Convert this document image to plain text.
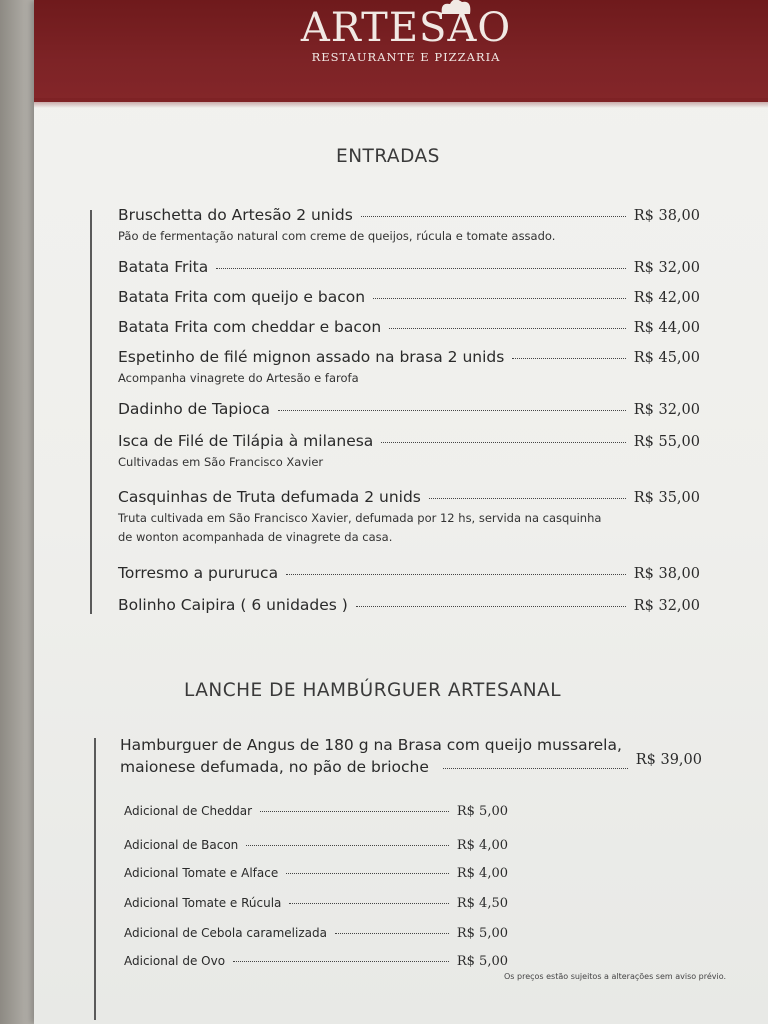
ARTESÃO
RESTAURANTE E PIZZARIA
ENTRADAS
Bruschetta do Artesão 2 unids	R$ 38,00
Pão de fermentação natural com creme de queijos, rúcula e tomate assado.
Batata Frita	R$ 32,00
Batata Frita com queijo e bacon	R$ 42,00
Batata Frita com cheddar e bacon	R$ 44,00
Espetinho de filé mignon assado na brasa 2 unids	R$ 45,00
Acompanha vinagrete do Artesão e farofa
Dadinho de Tapioca	R$ 32,00
Isca de Filé de Tilápia à milanesa	R$ 55,00
Cultivadas em São Francisco Xavier
Casquinhas de Truta defumada 2 unids	R$ 35,00
Truta cultivada em São Francisco Xavier, defumada por 12 hs, servida na casquinha
de wonton acompanhada de vinagrete da casa.
Torresmo a pururuca	R$ 38,00
Bolinho Caipira ( 6 unidades )	R$ 32,00
LANCHE DE HAMBÚRGUER ARTESANAL
Hamburguer de Angus de 180 g na Brasa com queijo mussarela,
maionese defumada, no pão de brioche	R$ 39,00
Adicional de Cheddar	R$ 5,00
Adicional de Bacon	R$ 4,00
Adicional Tomate e Alface	R$ 4,00
Adicional Tomate e Rúcula	R$ 4,50
Adicional de Cebola caramelizada	R$ 5,00
Adicional de Ovo	R$ 5,00
Os preços estão sujeitos a alterações sem aviso prévio.
